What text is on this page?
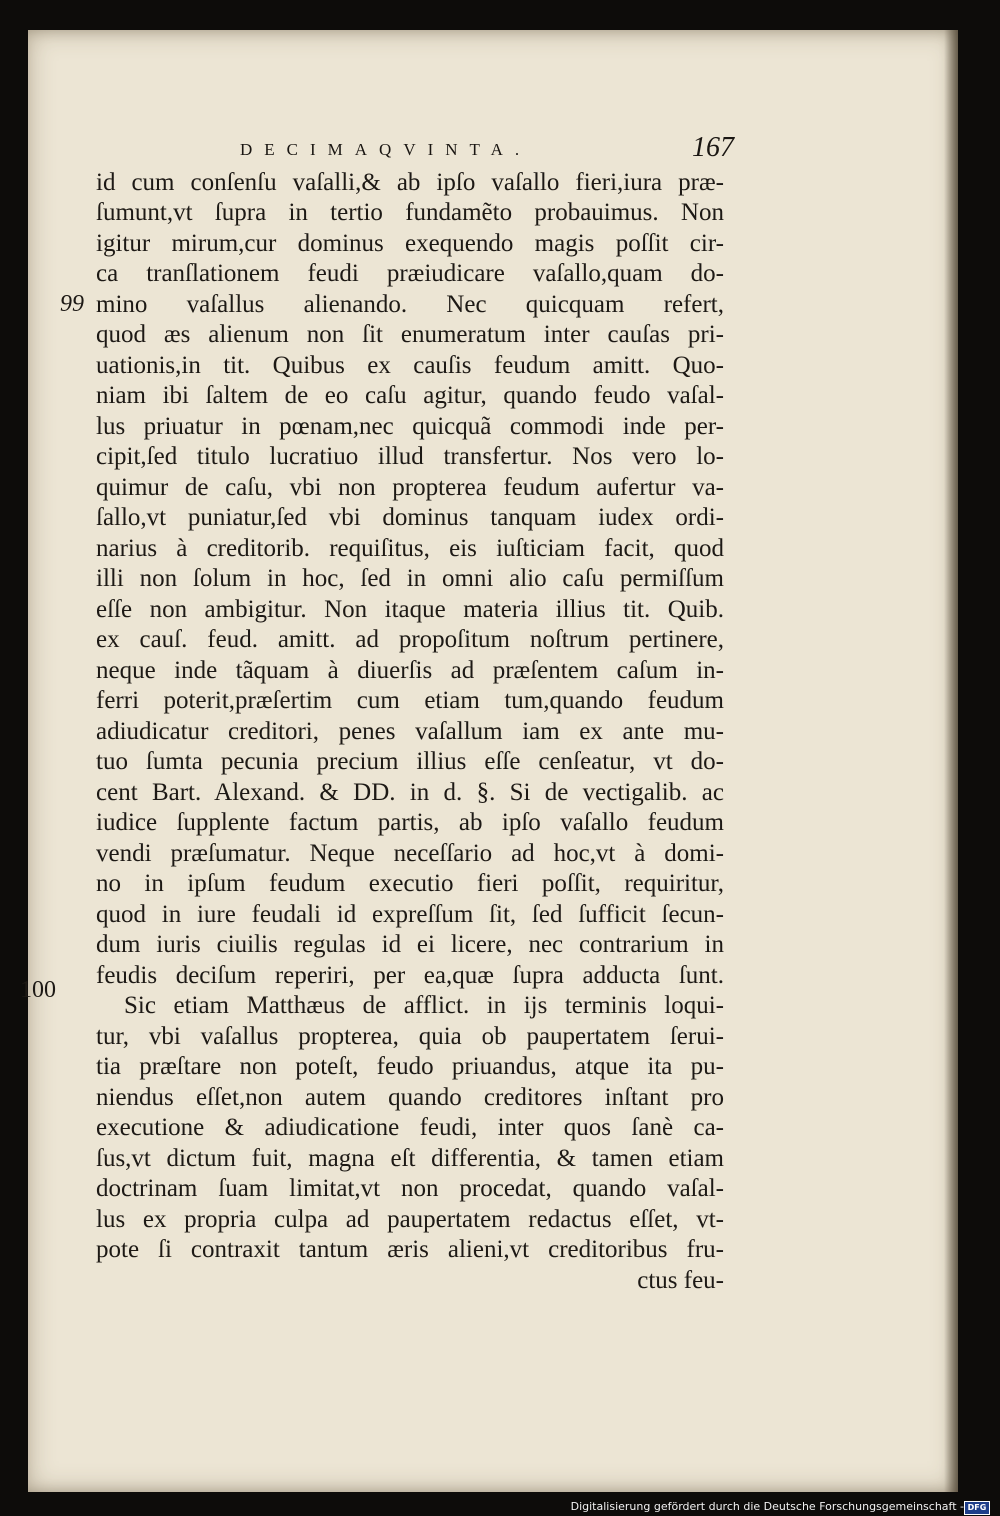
DECIMAQVINTA.	167
99
100
id cum conſenſu vaſalli,& ab ipſo vaſallo fieri,iura præ-
ſumunt,vt ſupra in tertio fundamẽto probauimus. Non
igitur mirum,cur dominus exequendo magis poſſit cir-
ca tranſlationem feudi præiudicare vaſallo,quam do-
mino vaſallus alienando. Nec quicquam refert,
quod æs alienum non ſit enumeratum inter cauſas pri-
uationis,in tit. Quibus ex cauſis feudum amitt. Quo-
niam ibi ſaltem de eo caſu agitur, quando feudo vaſal-
lus priuatur in pœnam,nec quicquã commodi inde per-
cipit,ſed titulo lucratiuo illud transfertur. Nos vero lo-
quimur de caſu, vbi non propterea feudum aufertur va-
ſallo,vt puniatur,ſed vbi dominus tanquam iudex ordi-
narius à creditorib. requiſitus, eis iuſticiam facit, quod
illi non ſolum in hoc, ſed in omni alio caſu permiſſum
eſſe non ambigitur. Non itaque materia illius tit. Quib.
ex cauſ. feud. amitt. ad propoſitum noſtrum pertinere,
neque inde tãquam à diuerſis ad præſentem caſum in-
ferri poterit,præſertim cum etiam tum,quando feudum
adiudicatur creditori, penes vaſallum iam ex ante mu-
tuo ſumta pecunia precium illius eſſe cenſeatur, vt do-
cent Bart. Alexand. & DD. in d. §. Si de vectigalib. ac
iudice ſupplente factum partis, ab ipſo vaſallo feudum
vendi præſumatur. Neque neceſſario ad hoc,vt à domi-
no in ipſum feudum executio fieri poſſit, requiritur,
quod in iure feudali id expreſſum ſit, ſed ſufficit ſecun-
dum iuris ciuilis regulas id ei licere, nec contrarium in
feudis deciſum reperiri, per ea,quæ ſupra adducta ſunt.
Sic etiam Matthæus de afflict. in ijs terminis loqui-
tur, vbi vaſallus propterea, quia ob paupertatem ſerui-
tia præſtare non poteſt, feudo priuandus, atque ita pu-
niendus eſſet,non autem quando creditores inſtant pro
executione & adiudicatione feudi, inter quos ſanè ca-
ſus,vt dictum fuit, magna eſt differentia, & tamen etiam
doctrinam ſuam limitat,vt non procedat, quando vaſal-
lus ex propria culpa ad paupertatem redactus eſſet, vt-
pote ſi contraxit tantum æris alieni,vt creditoribus fru-
ctus feu-
Digitalisierung gefördert durch die Deutsche Forschungsgemeinschaft - DFG
